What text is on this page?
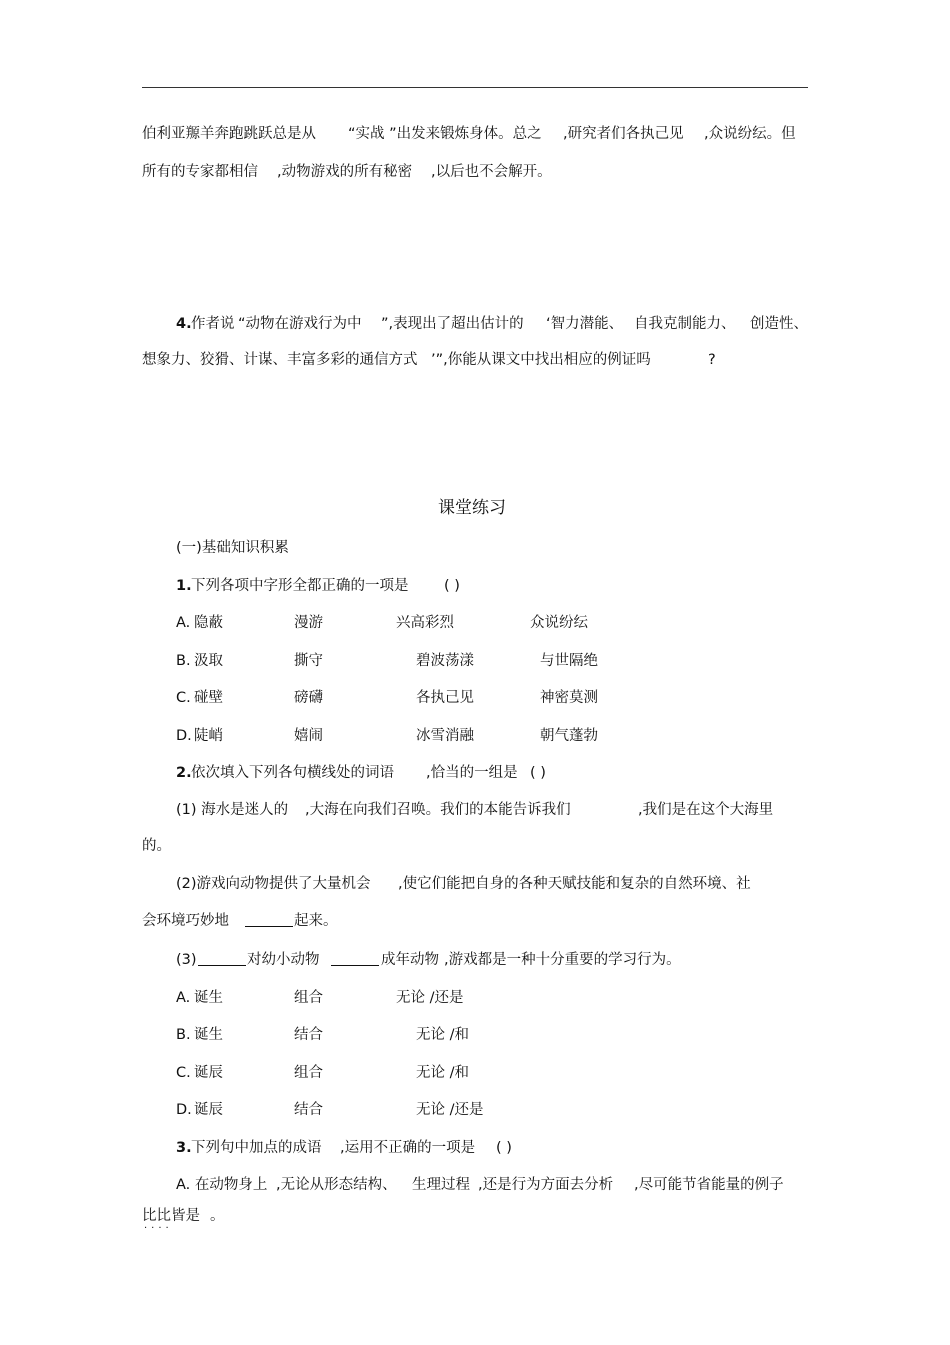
伯利亚羱羊奔跑跳跃总是从 “实战 ”出发来锻炼身体。总之 ,研究者们各执己见 ,众说纷纭。但
所有的专家都相信 ,动物游戏的所有秘密 ,以后也不会解开。
4. 作者说 “动物在游戏行为中 ”,表现出了超出估计的 ‘智力潜能、 自我克制能力、 创造性、
想象力、狡猾、计谋、丰富多彩的通信方式 ’”,你能从课文中找出相应的例证吗	?
课堂练习
(一)基础知识积累
1. 下列各项中字形全都正确的一项是 ( )
A. 隐蔽	漫游	兴高彩烈	众说纷纭
B. 汲取	撕守	碧波荡漾	与世隔绝
C. 碰壁	磅礴	各执己见	神密莫测
D. 陡峭	嬉闹	冰雪消融	朝气蓬勃
2. 依次填入下列各句横线处的词语 ,恰当的一组是 ( )
(1) 海水是迷人的 ,大海在向我们召唤。我们的本能告诉我们	,我们是在这个大海里
的。
(2)游戏向动物提供了大量机会 ,使它们能把自身的各种天赋技能和复杂的自然环境、社
会环境巧妙地	起来。
(3)	对幼小动物	成年动物 ,游戏都是一种十分重要的学习行为。
A. 诞生	组合	无论 /还是
B. 诞生	结合	无论 /和
C. 诞辰	组合	无论 /和
D. 诞辰	结合	无论 /还是
3. 下列句中加点的成语 ,运用不正确的一项是 ( )
A. 在动物身上 ,无论从形态结构、 生理过程 ,还是行为方面去分析 ,尽可能节省能量的例子
比比皆是 。
····
